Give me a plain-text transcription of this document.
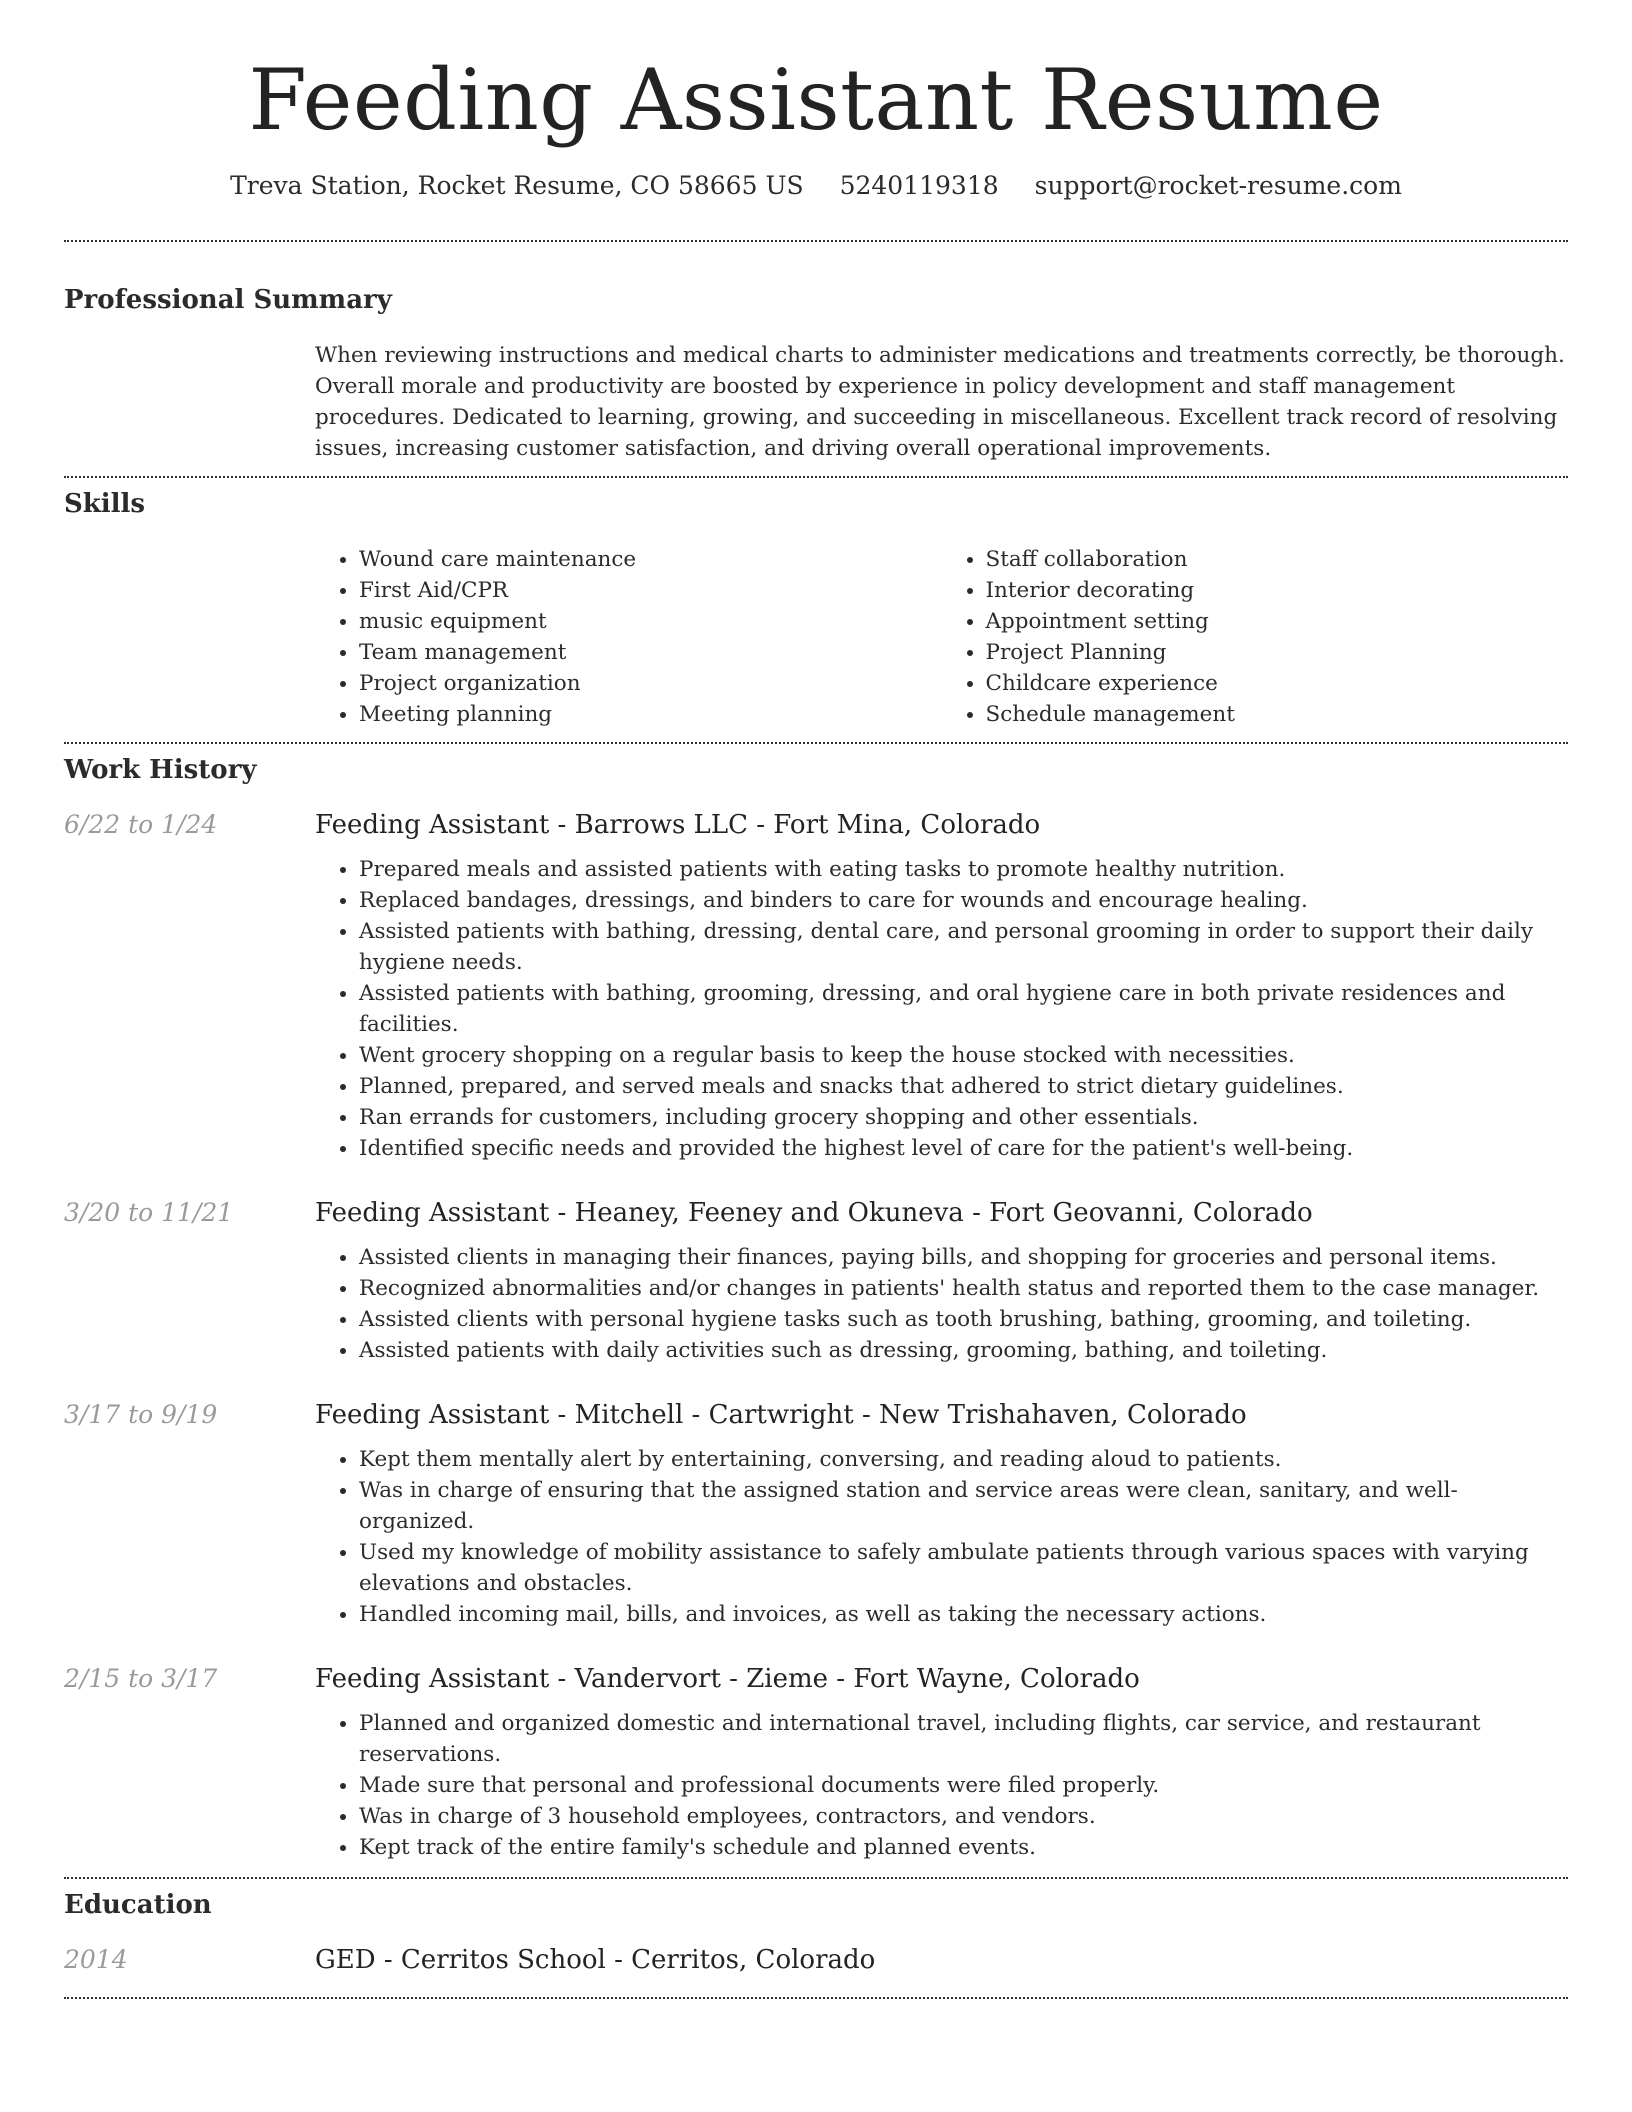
Feeding Assistant Resume
Treva Station, Rocket Resume, CO 58665 US 5240119318 support@rocket-resume.com
Professional Summary

When reviewing instructions and medical charts to administer medications and treatments correctly, be thorough. Overall morale and productivity are boosted by experience in policy development and staff management procedures. Dedicated to learning, growing, and succeeding in miscellaneous. Excellent track record of resolving issues, increasing customer satisfaction, and driving overall operational improvements.

Skills
• Wound care maintenance
• First Aid/CPR
• music equipment
• Team management
• Project organization
• Meeting planning
• Staff collaboration
• Interior decorating
• Appointment setting
• Project Planning
• Childcare experience
• Schedule management
Work History
6/22 to 1/24	Feeding Assistant - Barrows LLC - Fort Mina, Colorado
• Prepared meals and assisted patients with eating tasks to promote healthy nutrition.
• Replaced bandages, dressings, and binders to care for wounds and encourage healing.
• Assisted patients with bathing, dressing, dental care, and personal grooming in order to support their daily hygiene needs.
• Assisted patients with bathing, grooming, dressing, and oral hygiene care in both private residences and facilities.
• Went grocery shopping on a regular basis to keep the house stocked with necessities.
• Planned, prepared, and served meals and snacks that adhered to strict dietary guidelines.
• Ran errands for customers, including grocery shopping and other essentials.
• Identified specific needs and provided the highest level of care for the patient's well-being.
3/20 to 11/21	Feeding Assistant - Heaney, Feeney and Okuneva - Fort Geovanni, Colorado
• Assisted clients in managing their finances, paying bills, and shopping for groceries and personal items.
• Recognized abnormalities and/or changes in patients' health status and reported them to the case manager.
• Assisted clients with personal hygiene tasks such as tooth brushing, bathing, grooming, and toileting.
• Assisted patients with daily activities such as dressing, grooming, bathing, and toileting.
3/17 to 9/19	Feeding Assistant - Mitchell - Cartwright - New Trishahaven, Colorado
• Kept them mentally alert by entertaining, conversing, and reading aloud to patients.
• Was in charge of ensuring that the assigned station and service areas were clean, sanitary, and well-organized.
• Used my knowledge of mobility assistance to safely ambulate patients through various spaces with varying elevations and obstacles.
• Handled incoming mail, bills, and invoices, as well as taking the necessary actions.
2/15 to 3/17	Feeding Assistant - Vandervort - Zieme - Fort Wayne, Colorado
• Planned and organized domestic and international travel, including flights, car service, and restaurant reservations.
• Made sure that personal and professional documents were filed properly.
• Was in charge of 3 household employees, contractors, and vendors.
• Kept track of the entire family's schedule and planned events.
Education
2014	GED - Cerritos School - Cerritos, Colorado
